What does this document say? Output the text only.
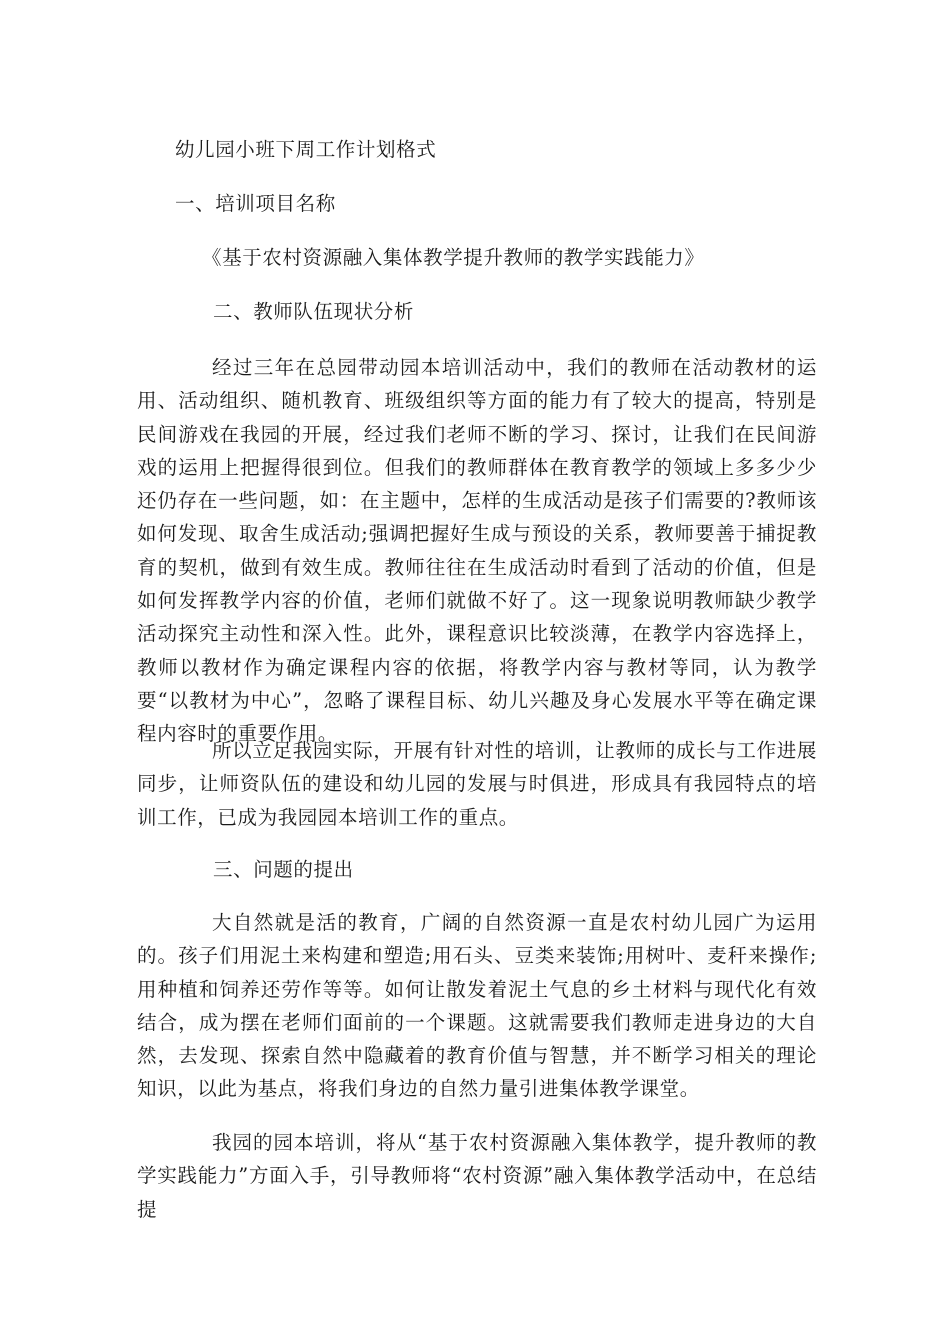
幼儿园小班下周工作计划格式
一、培训项目名称
《基于农村资源融入集体教学提升教师的教学实践能力》
二、教师队伍现状分析

经过三年在总园带动园本培训活动中，我们的教师在活动教材的运用、活动组织、随机教育、班级组织等方面的能力有了较大的提高，特别是民间游戏在我园的开展，经过我们老师不断的学习、探讨，让我们在民间游戏的运用上把握得很到位。但我们的教师群体在教育教学的领域上多多少少还仍存在一些问题，如：在主题中，怎样的生成活动是孩子们需要的?教师该如何发现、取舍生成活动;强调把握好生成与预设的关系，教师要善于捕捉教育的契机，做到有效生成。教师往往在生成活动时看到了活动的价值，但是如何发挥教学内容的价值，老师们就做不好了。这一现象说明教师缺少教学活动探究主动性和深入性。此外，课程意识比较淡薄，在教学内容选择上，教师以教材作为确定课程内容的依据，将教学内容与教材等同，认为教学要“以教材为中心”，忽略了课程目标、幼儿兴趣及身心发展水平等在确定课程内容时的重要作用。

所以立足我园实际，开展有针对性的培训，让教师的成长与工作进展同步，让师资队伍的建设和幼儿园的发展与时俱进，形成具有我园特点的培训工作，已成为我园园本培训工作的重点。

三、问题的提出

大自然就是活的教育，广阔的自然资源一直是农村幼儿园广为运用的。孩子们用泥土来构建和塑造;用石头、豆类来装饰;用树叶、麦秆来操作;用种植和饲养还劳作等等。如何让散发着泥土气息的乡土材料与现代化有效结合，成为摆在老师们面前的一个课题。这就需要我们教师走进身边的大自然，去发现、探索自然中隐藏着的教育价值与智慧，并不断学习相关的理论知识，以此为基点，将我们身边的自然力量引进集体教学课堂。

我园的园本培训，将从“基于农村资源融入集体教学，提升教师的教学实践能力”方面入手，引导教师将“农村资源”融入集体教学活动中，在总结提
